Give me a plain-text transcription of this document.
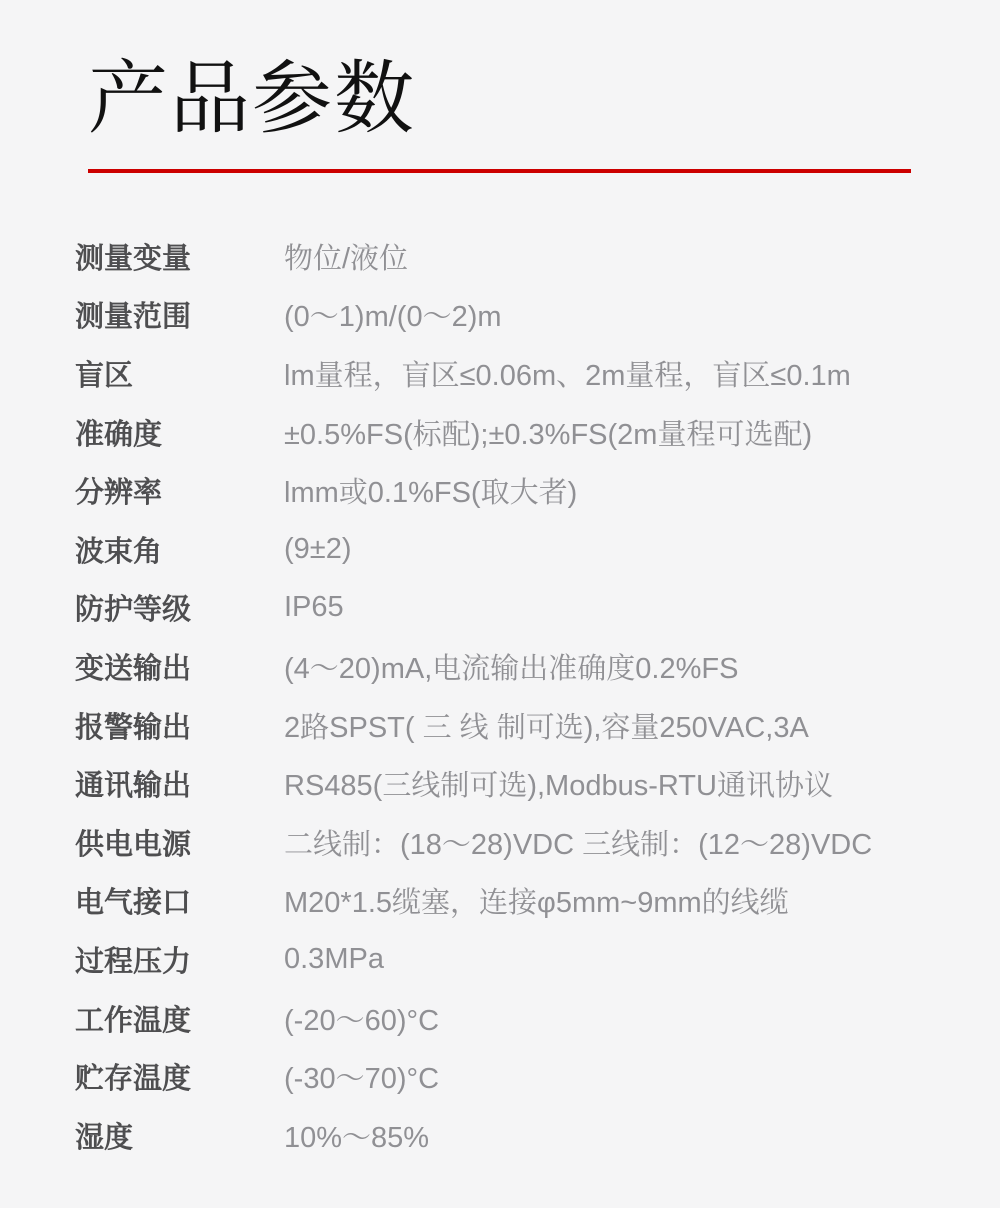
产品参数
测量变量	物位/液位
测量范围	(0～1)m/(0～2)m
盲区	lm量程，盲区≤0.06m、2m量程，盲区≤0.1m
准确度	±0.5%FS(标配);±0.3%FS(2m量程可选配)
分辨率	lmm或0.1%FS(取大者)
波束角	(9±2)
防护等级	IP65
变送输出	(4～20)mA,电流输出准确度0.2%FS
报警输出	2路SPST( 三 线 制可选),容量250VAC,3A
通讯输出	RS485(三线制可选),Modbus-RTU通讯协议
供电电源	二线制：(18～28)VDC 三线制：(12～28)VDC
电气接口	M20*1.5缆塞，连接φ5mm~9mm的线缆
过程压力	0.3MPa
工作温度	(-20～60)°C
贮存温度	(-30～70)°C
湿度	10%～85%
